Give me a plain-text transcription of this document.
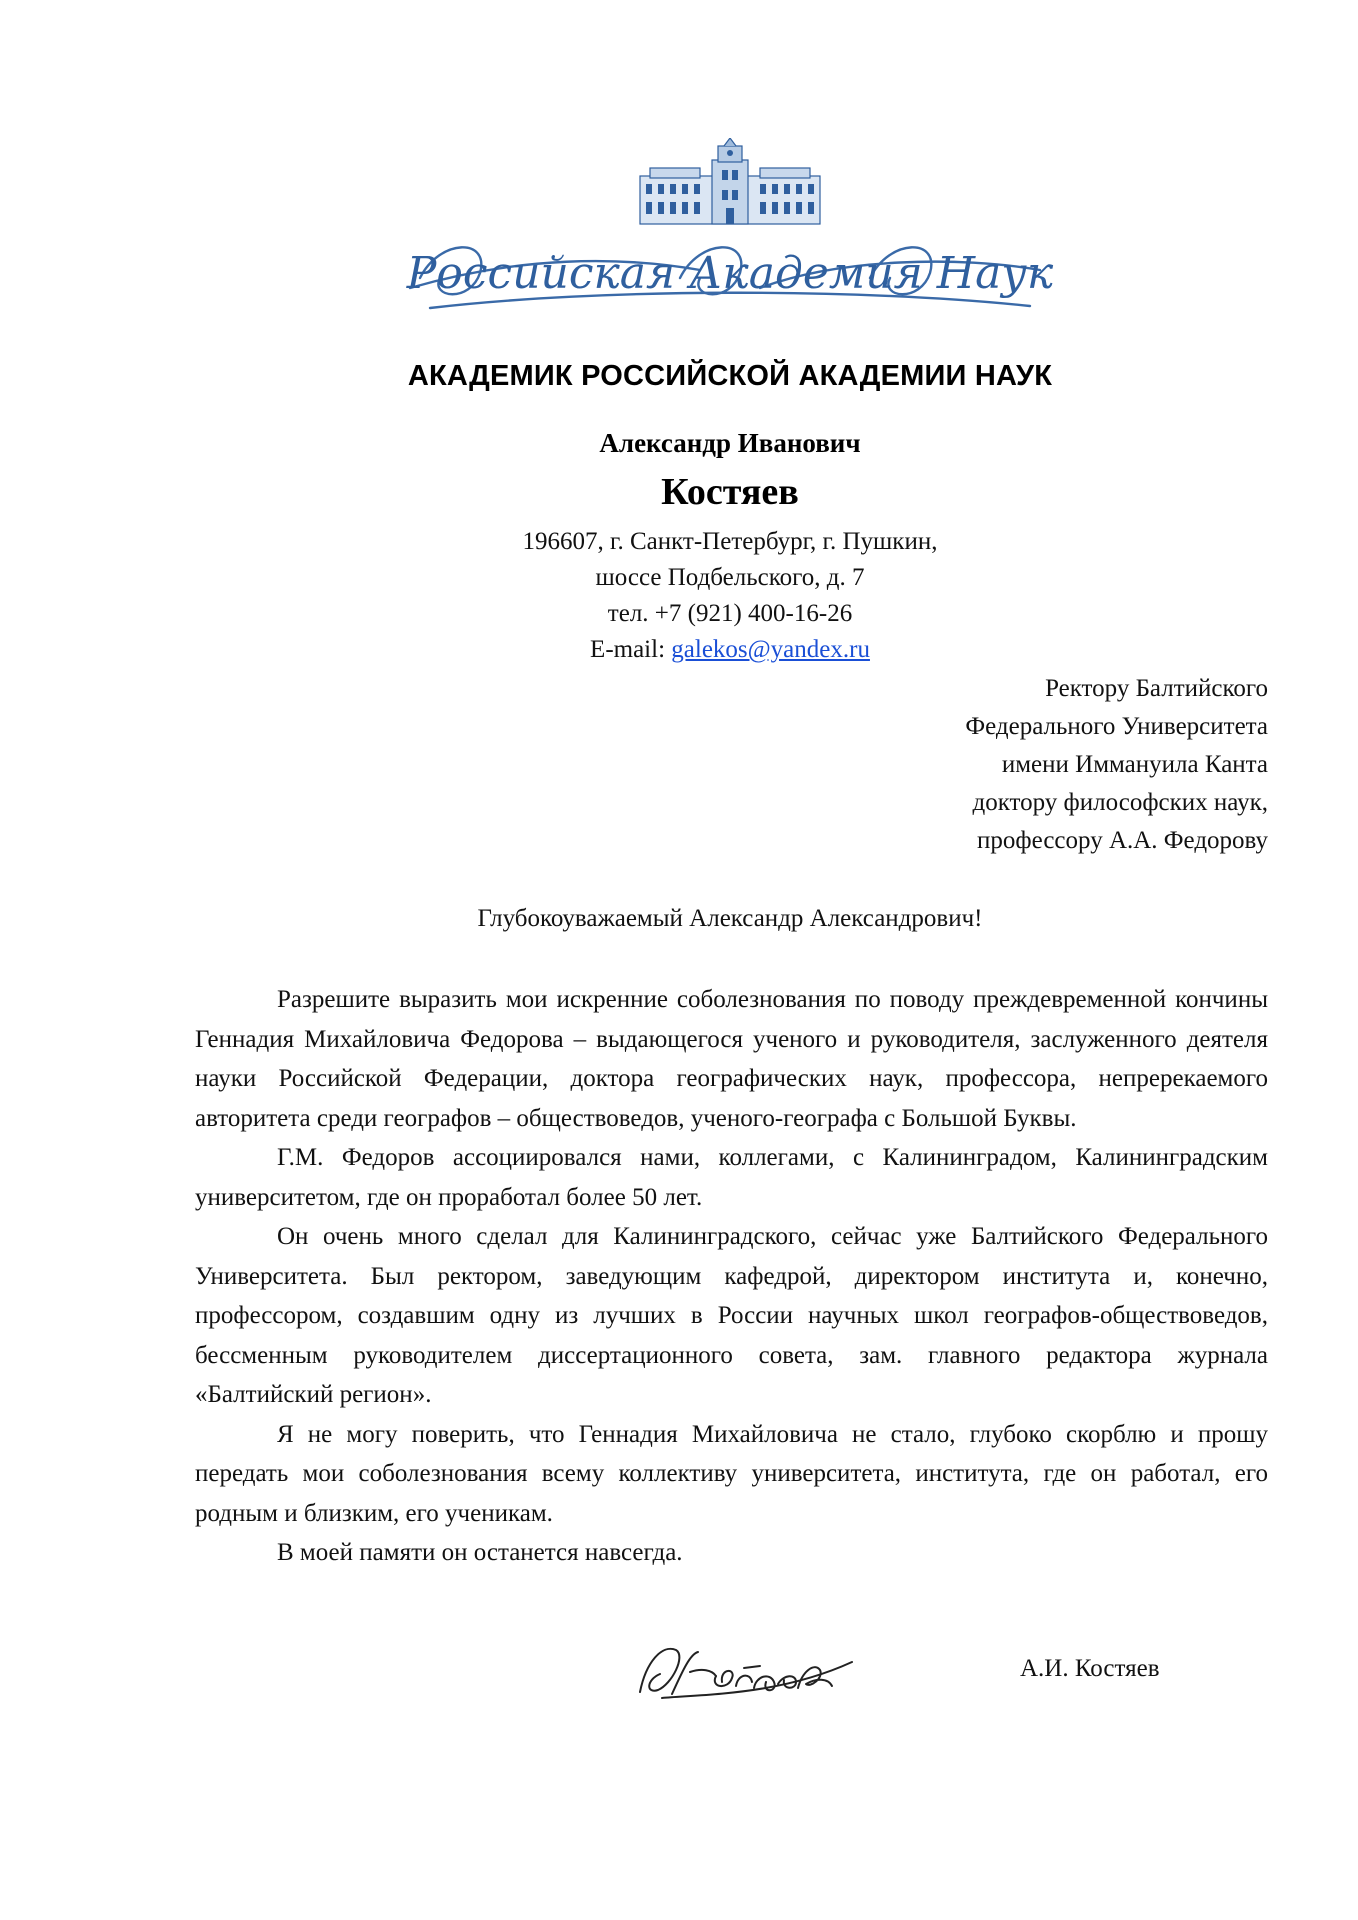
Российская Академия Наук
АКАДЕМИК РОССИЙСКОЙ АКАДЕМИИ НАУК
Александр Иванович
Костяев
196607, г. Санкт-Петербург, г. Пушкин,
шоссе Подбельского, д. 7
тел. +7 (921) 400-16-26
E-mail: galekos@yandex.ru
Ректору Балтийского
Федерального Университета
имени Иммануила Канта
доктору философских наук,
профессору А.А. Федорову
Глубокоуважаемый Александр Александрович!

Разрешите выразить мои искренние соболезнования по поводу преждевременной кончины Геннадия Михайловича Федорова – выдающегося ученого и руководителя, заслуженного деятеля науки Российской Федерации, доктора географических наук, профессора, непререкаемого авторитета среди географов – обществоведов, ученого-географа с Большой Буквы.

Г.М. Федоров ассоциировался нами, коллегами, с Калининградом, Калининградским университетом, где он проработал более 50 лет.

Он очень много сделал для Калининградского, сейчас уже Балтийского Федерального Университета. Был ректором, заведующим кафедрой, директором института и, конечно, профессором, создавшим одну из лучших в России научных школ географов-обществоведов, бессменным руководителем диссертационного совета, зам. главного редактора журнала «Балтийский регион».

Я не могу поверить, что Геннадия Михайловича не стало, глубоко скорблю и прошу передать мои соболезнования всему коллективу университета, института, где он работал, его родным и близким, его ученикам.

В моей памяти он останется навсегда.

А.И. Костяев
